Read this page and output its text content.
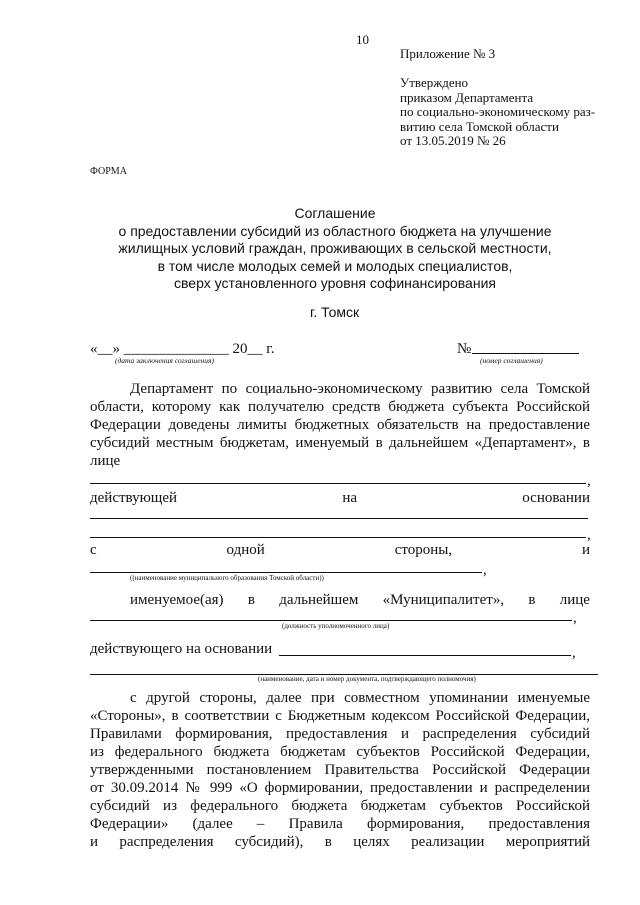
10
Приложение № 3
Утверждено
приказом Департамента
по социально-экономическому раз-
витию села Томской области
от 13.05.2019 № 26
ФОРМА
Соглашение
о предоставлении субсидий из областного бюджета на улучшение
жилищных условий граждан, проживающих в сельской местности,
в том числе молодых семей и молодых специалистов,
сверх установленного уровня софинансирования
г. Томск
«__» ______________ 20__ г.
(дата заключения соглашения)
№
(номер соглашения)
Департамент по социально-экономическому развитию села Томской
области, которому как получателю средств бюджета субъекта Российской
Федерации доведены лимиты бюджетных обязательств на предоставление
субсидий местным бюджетам, именуемый в дальнейшем «Департамент», в
лице
,
действующей	на	основании
,
с	одной	стороны,	и
,
((наименование муниципального образования Томской области))
именуемое(ая) в дальнейшем «Муниципалитет», в лице
,
(должность уполномоченного лица)
действующего на основании	,
(наименование, дата и номер документа, подтверждающего полномочия)
с другой стороны, далее при совместном упоминании именуемые
«Стороны», в соответствии с Бюджетным кодексом Российской Федерации,
Правилами формирования, предоставления и распределения субсидий
из федерального бюджета бюджетам субъектов Российской Федерации,
утвержденными постановлением Правительства Российской Федерации
от 30.09.2014 № 999 «О формировании, предоставлении и распределении
субсидий из федерального бюджета бюджетам субъектов Российской
Федерации» (далее – Правила формирования, предоставления
и распределения субсидий), в целях реализации мероприятий
